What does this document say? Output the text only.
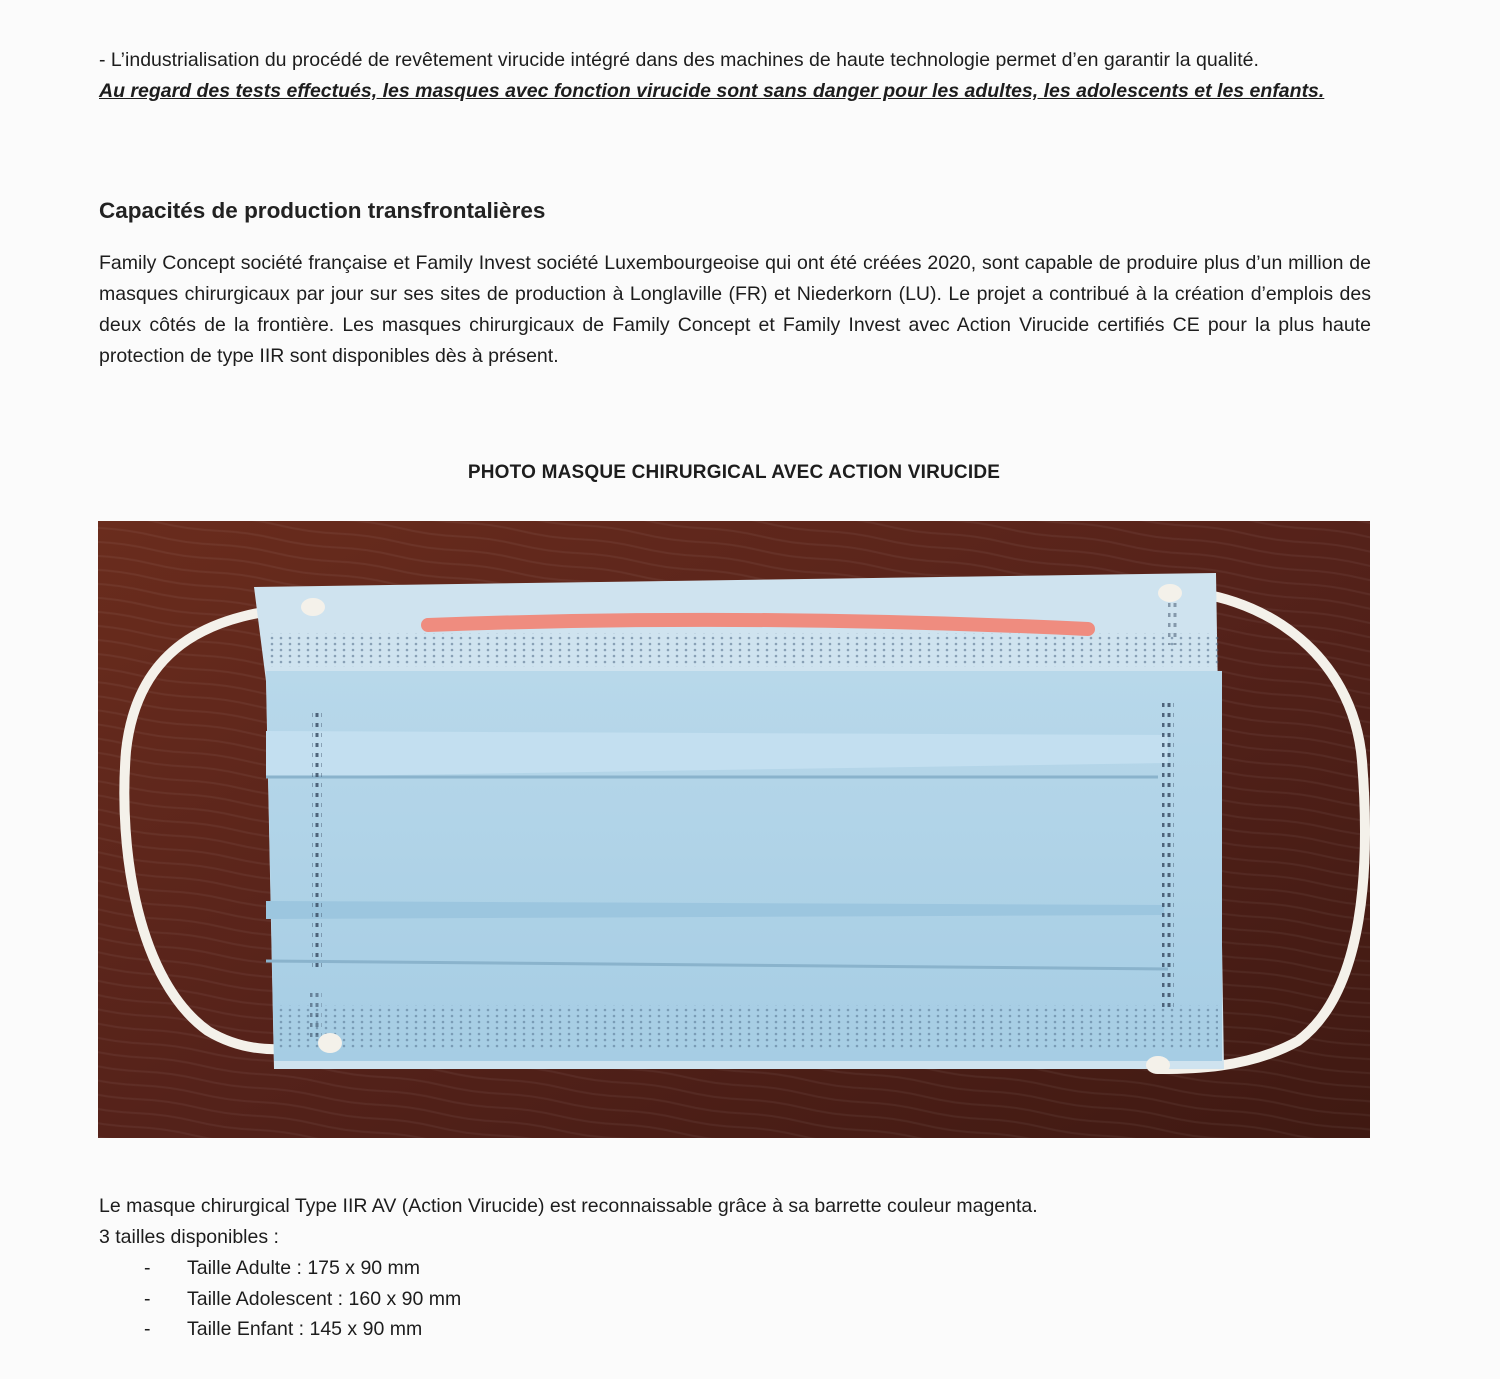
- L’industrialisation du procédé de revêtement virucide intégré dans des machines de haute technologie permet d’en garantir la qualité.
Au regard des tests effectués, les masques avec fonction virucide sont sans danger pour les adultes, les adolescents et les enfants.
Capacités de production transfrontalières
Family Concept société française et Family Invest société Luxembourgeoise qui ont été créées 2020, sont capable de produire plus d’un million de masques chirurgicaux par jour sur ses sites de production à Longlaville (FR) et Niederkorn (LU). Le projet a contribué à la création d’emplois des deux côtés de la frontière. Les masques chirurgicaux de Family Concept et Family Invest avec Action Virucide certifiés CE pour la plus haute protection de type IIR sont disponibles dès à présent.
PHOTO MASQUE CHIRURGICAL AVEC ACTION VIRUCIDE
Le masque chirurgical Type IIR AV (Action Virucide) est reconnaissable grâce à sa barrette couleur magenta.
3 tailles disponibles :
- Taille Adulte : 175 x 90 mm
- Taille Adolescent : 160 x 90 mm
- Taille Enfant : 145 x 90 mm
